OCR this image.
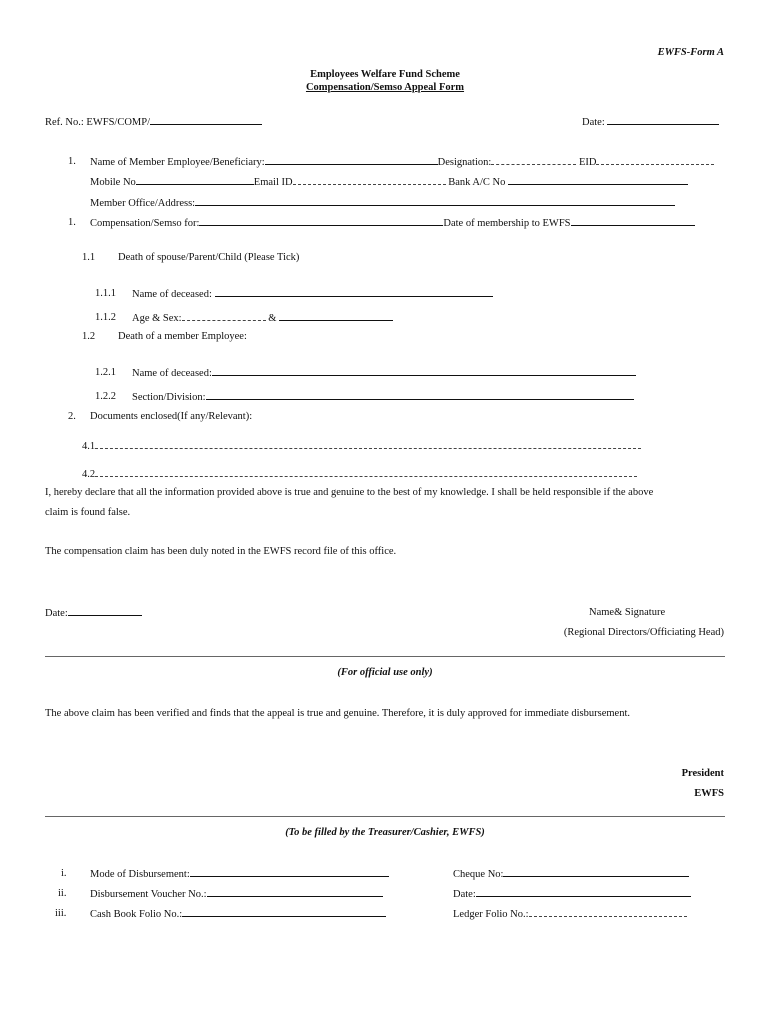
EWFS-Form A
Employees Welfare Fund Scheme
Compensation/Semso Appeal Form
Ref. No.: EWFS/COMP/	Date:
1. Name of Member Employee/Beneficiary:	Designation:	EID
Mobile No	Email ID	Bank A/C No
Member Office/Address:
1. Compensation/Semso for:	Date of membership to EWFS
1.1 Death of spouse/Parent/Child (Please Tick)
1.1.1 Name of deceased:
1.1.2 Age & Sex:	&
1.2 Death of a member Employee:
1.2.1 Name of deceased:
1.2.2 Section/Division:
2. Documents enclosed(If any/Relevant):
4.1
4.2
I, hereby declare that all the information provided above is true and genuine to the best of my knowledge. I shall be held responsible if the above
claim is found false.
The compensation claim has been duly noted in the EWFS record file of this office.
Date:	Name& Signature
(Regional Directors/Officiating Head)
(For official use only)
The above claim has been verified and finds that the appeal is true and genuine. Therefore, it is duly approved for immediate disbursement.
President
EWFS
(To be filled by the Treasurer/Cashier, EWFS)
i. Mode of Disbursement:	Cheque No:
ii. Disbursement Voucher No.:	Date:
iii. Cash Book Folio No.:	Ledger Folio No.:
